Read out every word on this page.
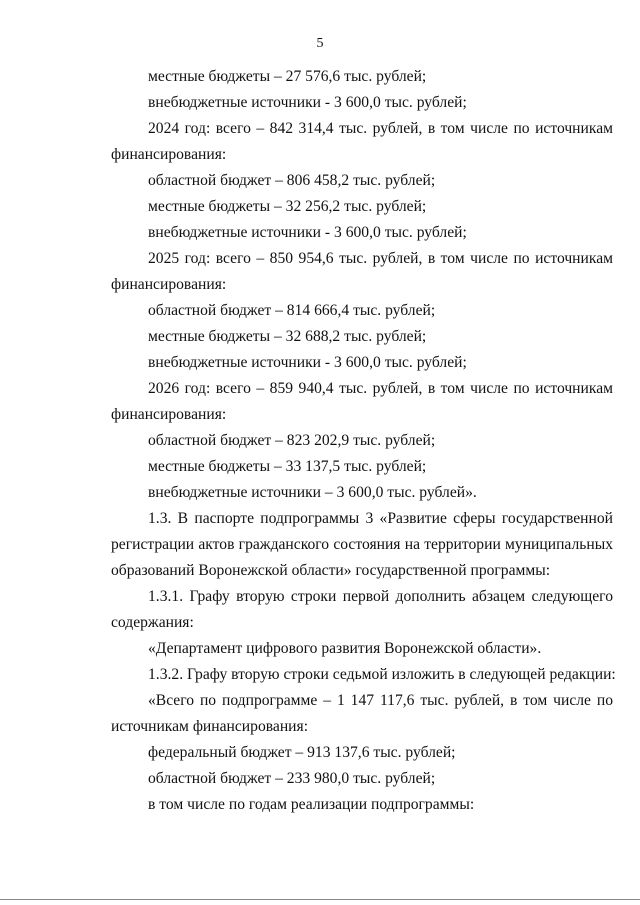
5
местные бюджеты – 27 576,6 тыс. рублей;
внебюджетные источники - 3 600,0 тыс. рублей;
2024 год: всего – 842 314,4 тыс. рублей, в том числе по источникам
финансирования:
областной бюджет – 806 458,2 тыс. рублей;
местные бюджеты – 32 256,2 тыс. рублей;
внебюджетные источники - 3 600,0 тыс. рублей;
2025 год: всего – 850 954,6 тыс. рублей, в том числе по источникам
финансирования:
областной бюджет – 814 666,4 тыс. рублей;
местные бюджеты – 32 688,2 тыс. рублей;
внебюджетные источники - 3 600,0 тыс. рублей;
2026 год: всего – 859 940,4 тыс. рублей, в том числе по источникам
финансирования:
областной бюджет – 823 202,9 тыс. рублей;
местные бюджеты – 33 137,5 тыс. рублей;
внебюджетные источники – 3 600,0 тыс. рублей».
1.3. В паспорте подпрограммы 3 «Развитие сферы государственной
регистрации актов гражданского состояния на территории муниципальных
образований Воронежской области» государственной программы:
1.3.1. Графу вторую строки первой дополнить абзацем следующего
содержания:
«Департамент цифрового развития Воронежской области».
1.3.2. Графу вторую строки седьмой изложить в следующей редакции:
«Всего по подпрограмме – 1 147 117,6 тыс. рублей, в том числе по
источникам финансирования:
федеральный бюджет – 913 137,6 тыс. рублей;
областной бюджет – 233 980,0 тыс. рублей;
в том числе по годам реализации подпрограммы:
